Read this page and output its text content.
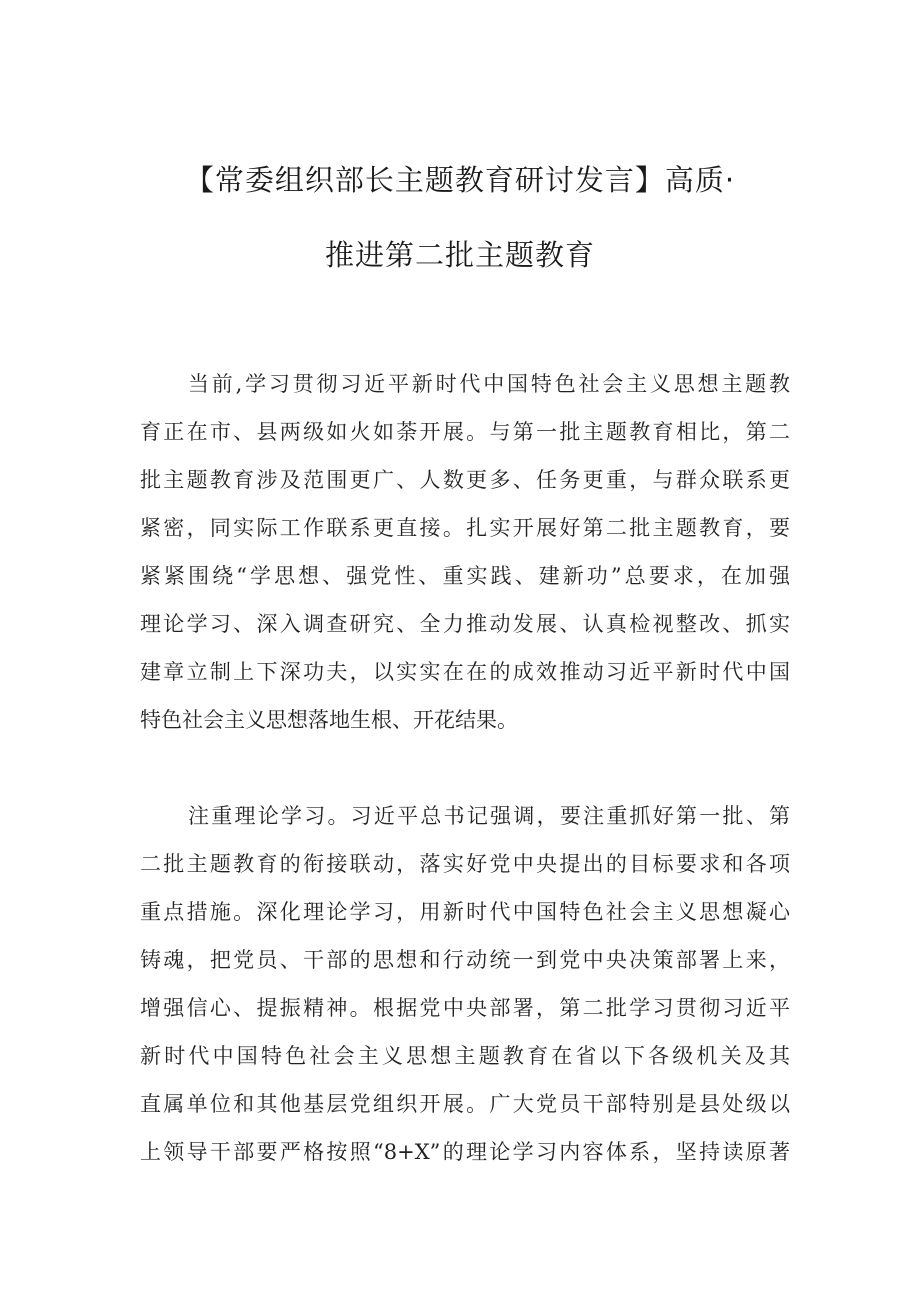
【常委组织部长主题教育研讨发言】高质·
推进第二批主题教育
当前,学习贯彻习近平新时代中国特色社会主义思想主题教
育正在市、县两级如火如荼开展。与第一批主题教育相比，第二
批主题教育涉及范围更广、人数更多、任务更重，与群众联系更
紧密，同实际工作联系更直接。扎实开展好第二批主题教育，要
紧紧围绕“学思想、强党性、重实践、建新功”总要求，在加强
理论学习、深入调查研究、全力推动发展、认真检视整改、抓实
建章立制上下深功夫，以实实在在的成效推动习近平新时代中国
特色社会主义思想落地生根、开花结果。
注重理论学习。习近平总书记强调，要注重抓好第一批、第
二批主题教育的衔接联动，落实好党中央提出的目标要求和各项
重点措施。深化理论学习，用新时代中国特色社会主义思想凝心
铸魂，把党员、干部的思想和行动统一到党中央决策部署上来，
增强信心、提振精神。根据党中央部署，第二批学习贯彻习近平
新时代中国特色社会主义思想主题教育在省以下各级机关及其
直属单位和其他基层党组织开展。广大党员干部特别是县处级以
上领导干部要严格按照“8+X”的理论学习内容体系，坚持读原著
